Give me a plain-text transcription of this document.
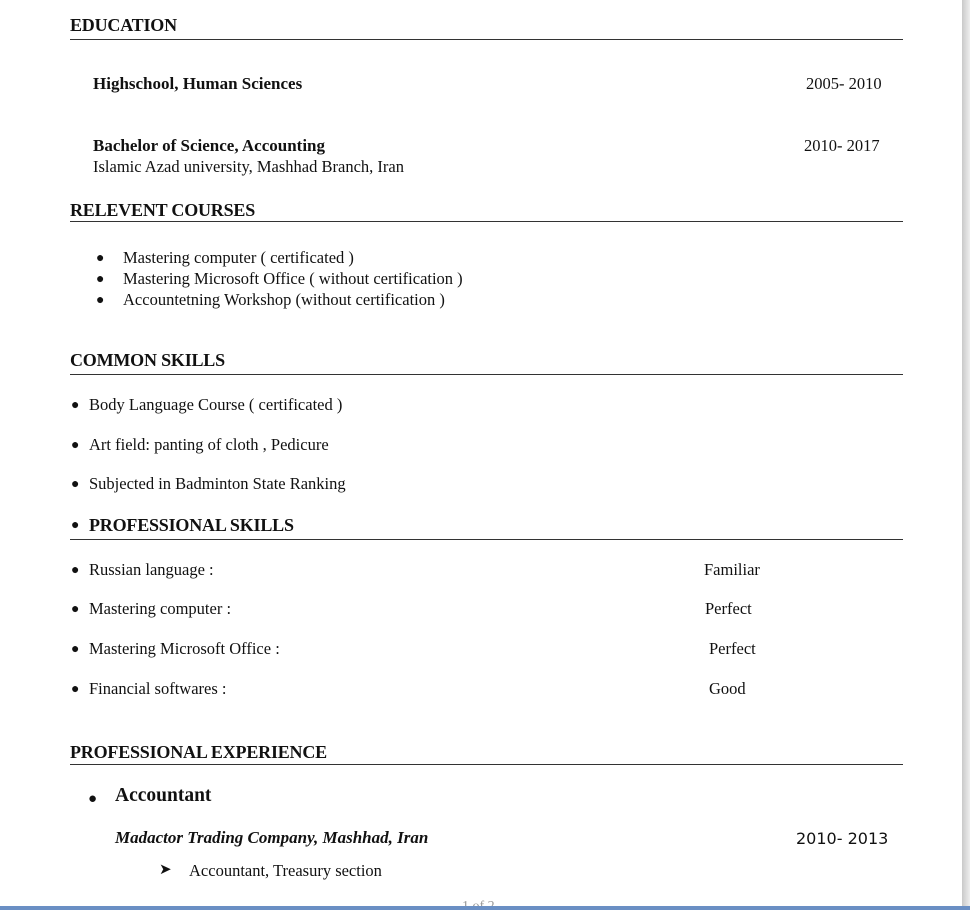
EDUCATION
Highschool, Human Sciences	2005- 2010
Bachelor of Science, Accounting	2010- 2017
Islamic Azad university, Mashhad Branch, Iran
RELEVENT COURSES
● Mastering computer ( certificated )
● Mastering Microsoft Office ( without certification )
● Accountetning Workshop (without certification )
COMMON SKILLS
● Body Language Course ( certificated )
● Art field: panting of cloth , Pedicure
● Subjected in Badminton State Ranking
● PROFESSIONAL SKILLS
● Russian language :	Familiar
● Mastering computer :	Perfect
● Mastering Microsoft Office :	Perfect
● Financial softwares :	Good
PROFESSIONAL EXPERIENCE
● Accountant
Madactor Trading Company, Mashhad, Iran	2010- 2013
➤ Accountant, Treasury section
